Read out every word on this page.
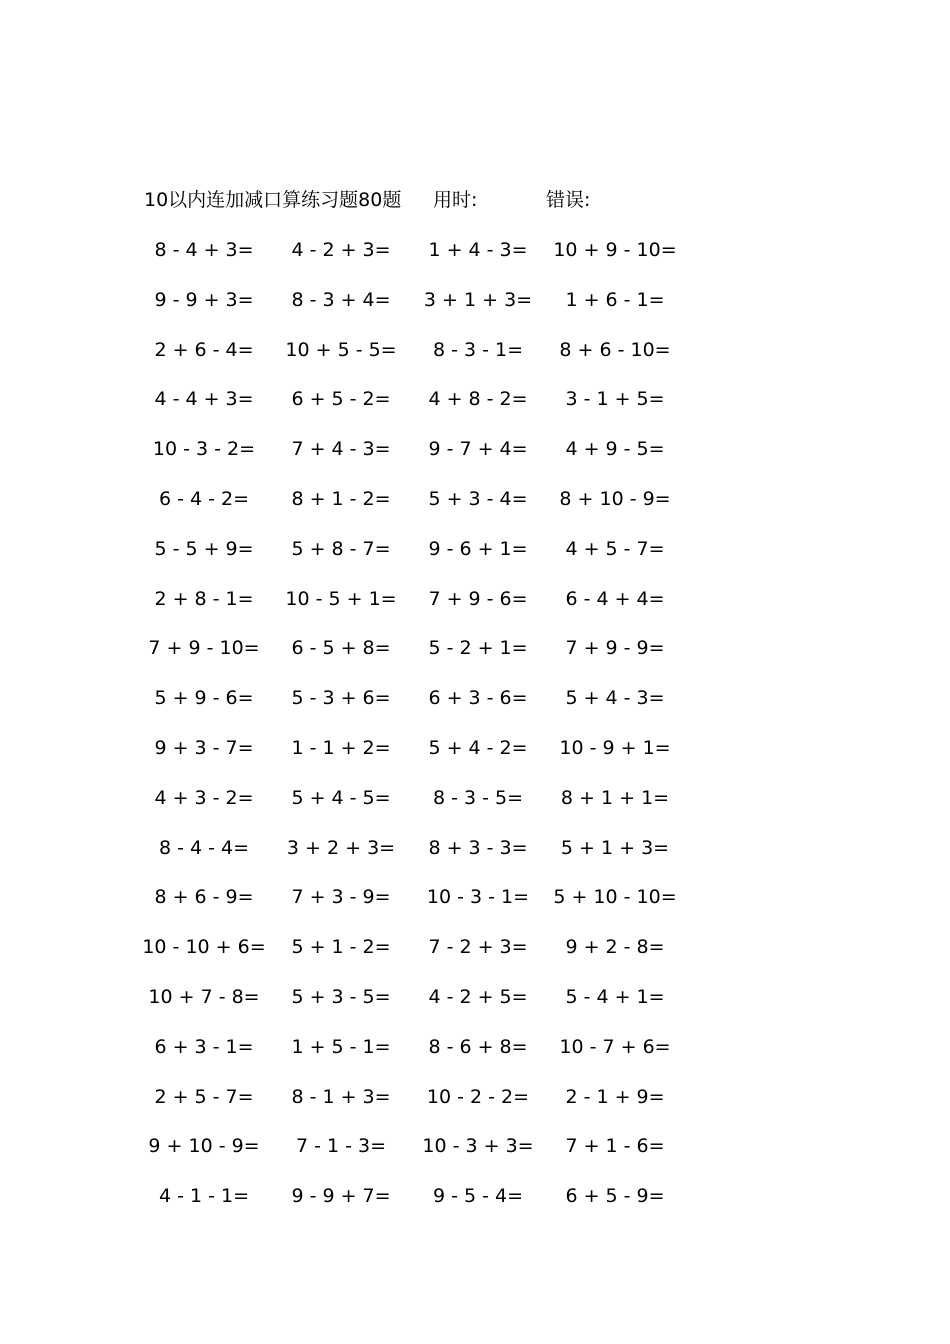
10以内连加减口算练习题80题 用时:	错误:
8 - 4 + 3=	4 - 2 + 3=	1 + 4 - 3=	10 + 9 - 10=
9 - 9 + 3=	8 - 3 + 4=	3 + 1 + 3=	1 + 6 - 1=
2 + 6 - 4=	10 + 5 - 5=	8 - 3 - 1=	8 + 6 - 10=
4 - 4 + 3=	6 + 5 - 2=	4 + 8 - 2=	3 - 1 + 5=
10 - 3 - 2=	7 + 4 - 3=	9 - 7 + 4=	4 + 9 - 5=
6 - 4 - 2=	8 + 1 - 2=	5 + 3 - 4=	8 + 10 - 9=
5 - 5 + 9=	5 + 8 - 7=	9 - 6 + 1=	4 + 5 - 7=
2 + 8 - 1=	10 - 5 + 1=	7 + 9 - 6=	6 - 4 + 4=
7 + 9 - 10=	6 - 5 + 8=	5 - 2 + 1=	7 + 9 - 9=
5 + 9 - 6=	5 - 3 + 6=	6 + 3 - 6=	5 + 4 - 3=
9 + 3 - 7=	1 - 1 + 2=	5 + 4 - 2=	10 - 9 + 1=
4 + 3 - 2=	5 + 4 - 5=	8 - 3 - 5=	8 + 1 + 1=
8 - 4 - 4=	3 + 2 + 3=	8 + 3 - 3=	5 + 1 + 3=
8 + 6 - 9=	7 + 3 - 9=	10 - 3 - 1=	5 + 10 - 10=
10 - 10 + 6=	5 + 1 - 2=	7 - 2 + 3=	9 + 2 - 8=
10 + 7 - 8=	5 + 3 - 5=	4 - 2 + 5=	5 - 4 + 1=
6 + 3 - 1=	1 + 5 - 1=	8 - 6 + 8=	10 - 7 + 6=
2 + 5 - 7=	8 - 1 + 3=	10 - 2 - 2=	2 - 1 + 9=
9 + 10 - 9=	7 - 1 - 3=	10 - 3 + 3=	7 + 1 - 6=
4 - 1 - 1=	9 - 9 + 7=	9 - 5 - 4=	6 + 5 - 9=
